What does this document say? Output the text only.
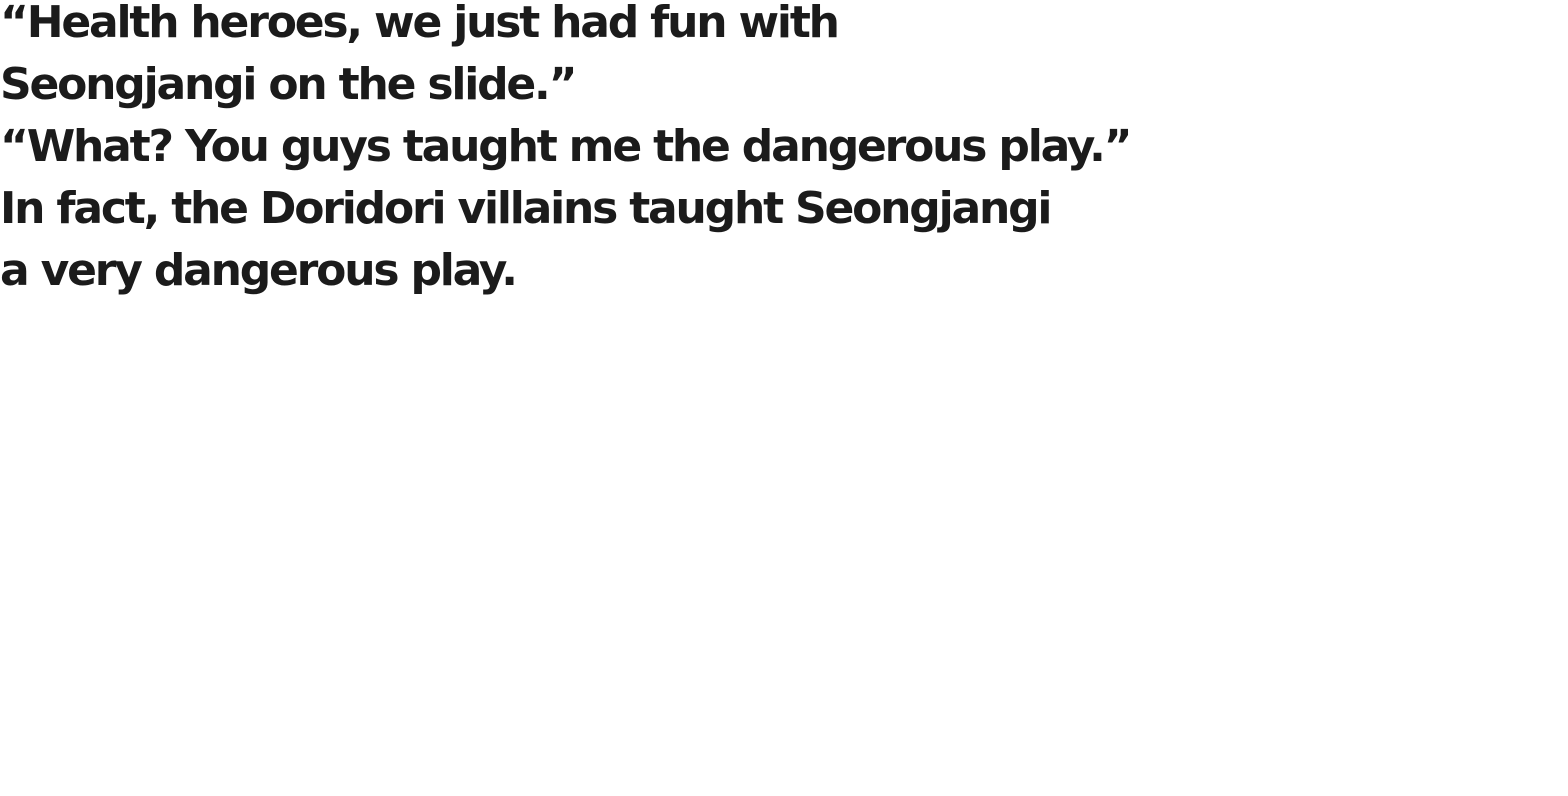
“Health heroes, we just had fun with

Seongjangi on the slide.”

“What? You guys taught me the dangerous play.”

In fact, the Doridori villains taught Seongjangi

a very dangerous play.
